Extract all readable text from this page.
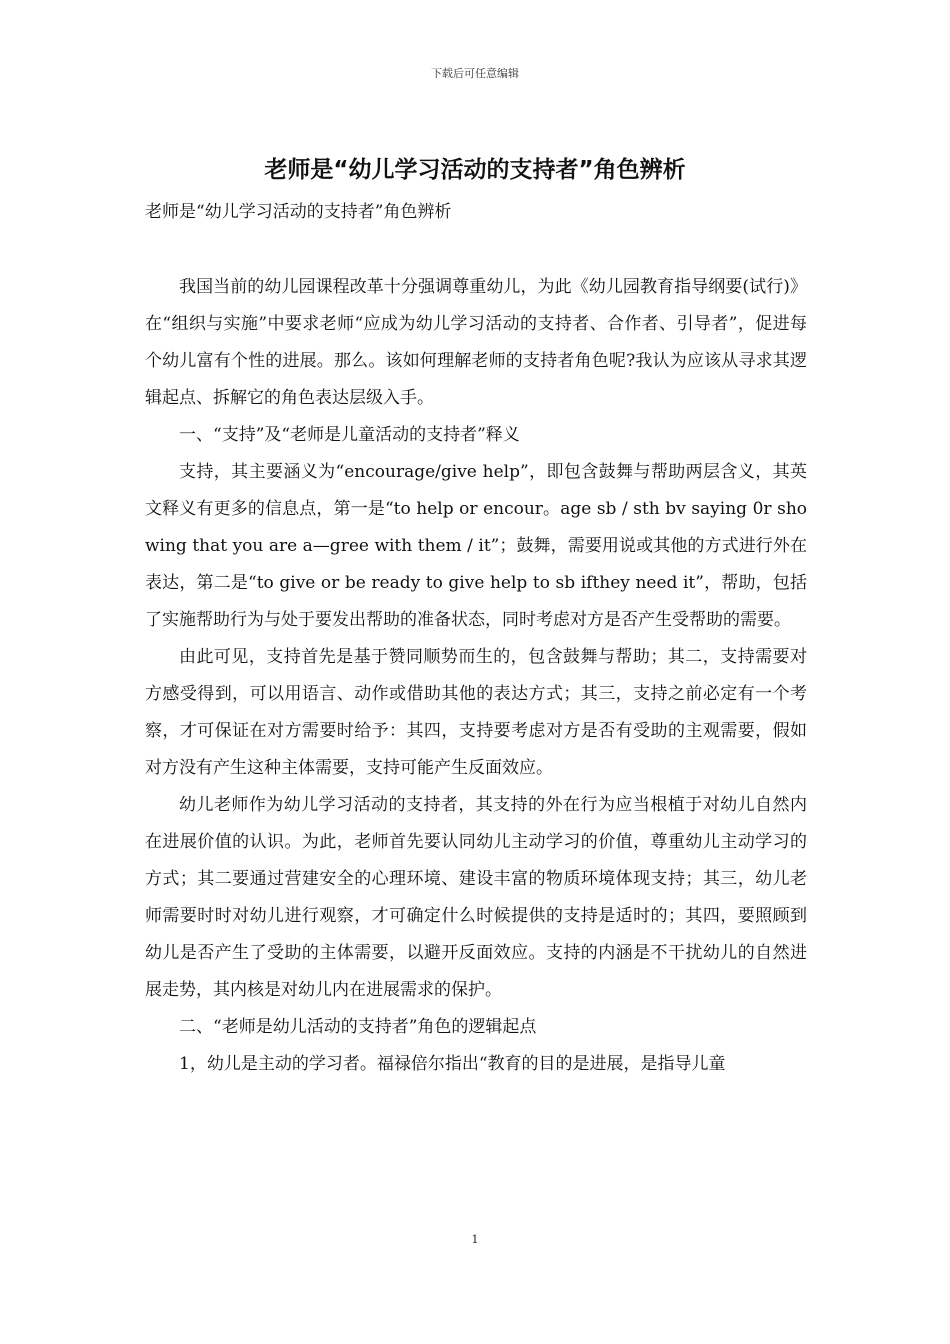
下载后可任意编辑
老师是“幼儿学习活动的支持者”角色辨析
老师是“幼儿学习活动的支持者”角色辨析

我国当前的幼儿园课程改革十分强调尊重幼儿，为此《幼儿园教育指导纲要(试行)》在“组织与实施”中要求老师“应成为幼儿学习活动的支持者、合作者、引导者”，促进每个幼儿富有个性的进展。那么。该如何理解老师的支持者角色呢?我认为应该从寻求其逻辑起点、拆解它的角色表达层级入手。

一、“支持”及“老师是儿童活动的支持者”释义

支持，其主要涵义为“encourage/give help”，即包含鼓舞与帮助两层含义，其英文释义有更多的信息点，第一是“to help or encour。age sb / sth bv saying 0r showing that you are a—gree with them / it”；鼓舞，需要用说或其他的方式进行外在表达，第二是“to give or be ready to give help to sb ifthey need it”，帮助，包括了实施帮助行为与处于要发出帮助的准备状态，同时考虑对方是否产生受帮助的需要。

由此可见，支持首先是基于赞同顺势而生的，包含鼓舞与帮助；其二，支持需要对方感受得到，可以用语言、动作或借助其他的表达方式；其三，支持之前必定有一个考察，才可保证在对方需要时给予：其四，支持要考虑对方是否有受助的主观需要，假如对方没有产生这种主体需要，支持可能产生反面效应。

幼儿老师作为幼儿学习活动的支持者，其支持的外在行为应当根植于对幼儿自然内在进展价值的认识。为此，老师首先要认同幼儿主动学习的价值，尊重幼儿主动学习的方式；其二要通过营建安全的心理环境、建设丰富的物质环境体现支持；其三，幼儿老师需要时时对幼儿进行观察，才可确定什么时候提供的支持是适时的；其四，要照顾到幼儿是否产生了受助的主体需要，以避开反面效应。支持的内涵是不干扰幼儿的自然进展走势，其内核是对幼儿内在进展需求的保护。

二、“老师是幼儿活动的支持者”角色的逻辑起点

1，幼儿是主动的学习者。福禄倍尔指出“教育的目的是进展，是指导儿童

1
